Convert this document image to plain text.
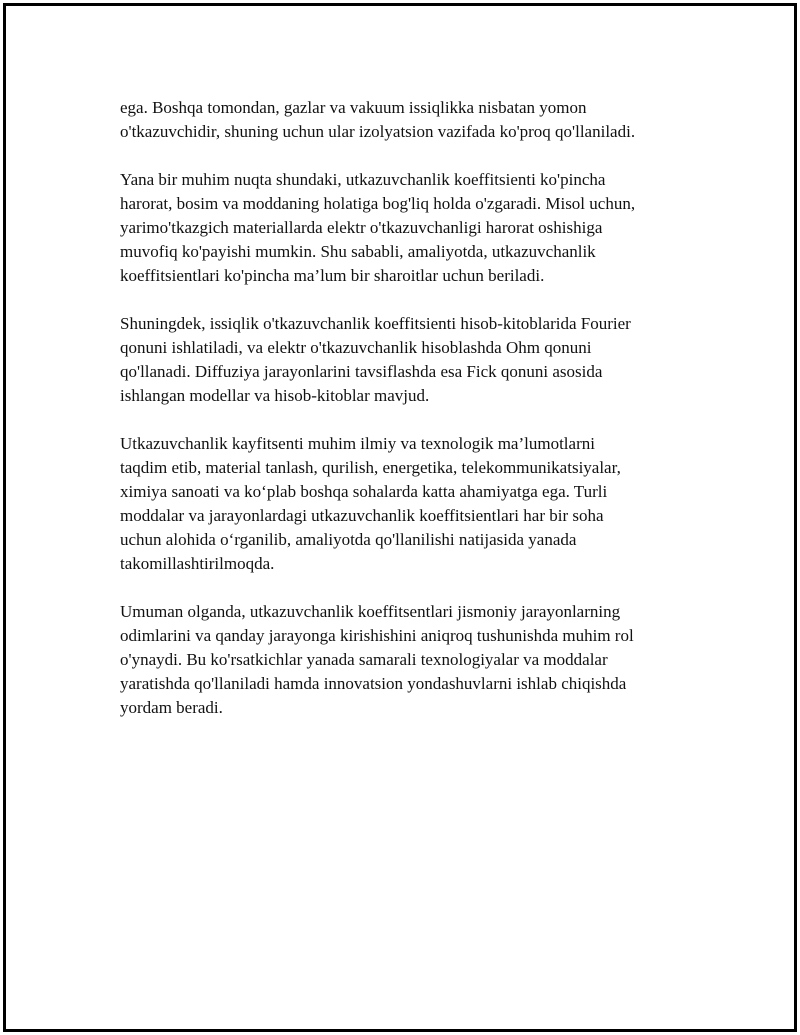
ega. Boshqa tomondan, gazlar va vakuum issiqlikka nisbatan yomon
o'tkazuvchidir, shuning uchun ular izolyatsion vazifada ko'proq qo'llaniladi.

Yana bir muhim nuqta shundaki, utkazuvchanlik koeffitsienti ko'pincha
harorat, bosim va moddaning holatiga bog'liq holda o'zgaradi. Misol uchun,
yarimo'tkazgich materiallarda elektr o'tkazuvchanligi harorat oshishiga
muvofiq ko'payishi mumkin. Shu sababli, amaliyotda, utkazuvchanlik
koeffitsientlari ko'pincha ma’lum bir sharoitlar uchun beriladi.

Shuningdek, issiqlik o'tkazuvchanlik koeffitsienti hisob-kitoblarida Fourier
qonuni ishlatiladi, va elektr o'tkazuvchanlik hisoblashda Ohm qonuni
qo'llanadi. Diffuziya jarayonlarini tavsiflashda esa Fick qonuni asosida
ishlangan modellar va hisob-kitoblar mavjud.

Utkazuvchanlik kayfitsenti muhim ilmiy va texnologik ma’lumotlarni
taqdim etib, material tanlash, qurilish, energetika, telekommunikatsiyalar,
ximiya sanoati va ko‘plab boshqa sohalarda katta ahamiyatga ega. Turli
moddalar va jarayonlardagi utkazuvchanlik koeffitsientlari har bir soha
uchun alohida o‘rganilib, amaliyotda qo'llanilishi natijasida yanada
takomillashtirilmoqda.

Umuman olganda, utkazuvchanlik koeffitsentlari jismoniy jarayonlarning
odimlarini va qanday jarayonga kirishishini aniqroq tushunishda muhim rol
o'ynaydi. Bu ko'rsatkichlar yanada samarali texnologiyalar va moddalar
yaratishda qo'llaniladi hamda innovatsion yondashuvlarni ishlab chiqishda
yordam beradi.
